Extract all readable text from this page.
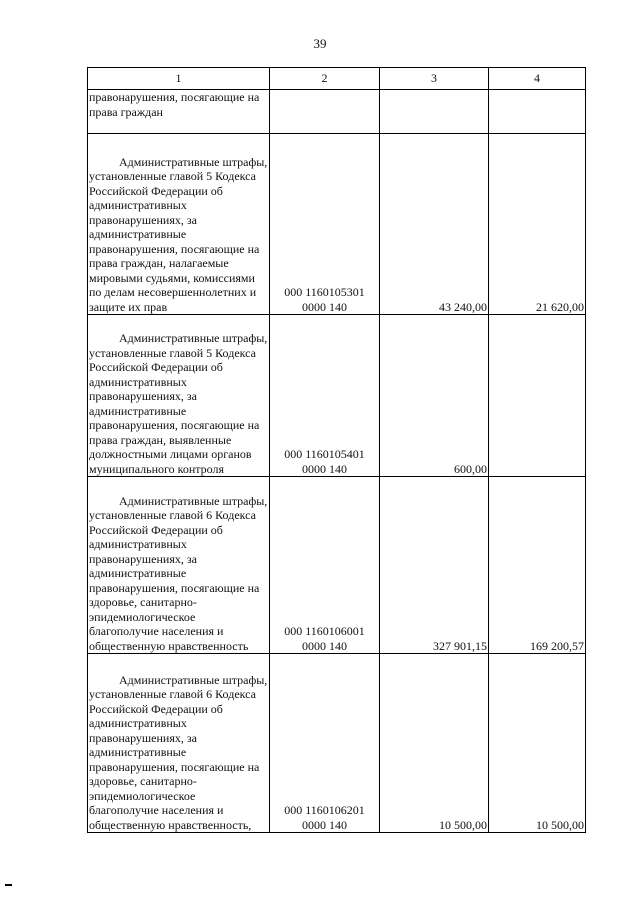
39
1	2	3	4
правонарушения, посягающие на права граждан	

Административные штрафы, установленные главой 5 Кодекса Российской Федерации об административных правонарушениях, за административные правонарушения, посягающие на права граждан, налагаемые мировыми судьями, комиссиями по делам несовершеннолетних и защите их прав	000 1160105301
0000 140	43 240,00	21 620,00

Административные штрафы, установленные главой 5 Кодекса Российской Федерации об административных правонарушениях, за административные правонарушения, посягающие на права граждан, выявленные должностными лицами органов муниципального контроля	000 1160105401
0000 140	600,00	

Административные штрафы, установленные главой 6 Кодекса Российской Федерации об административных правонарушениях, за административные правонарушения, посягающие на здоровье, санитарно-эпидемиологическое благополучие населения и общественную нравственность	000 1160106001
0000 140	327 901,15	169 200,57

Административные штрафы, установленные главой 6 Кодекса Российской Федерации об административных правонарушениях, за административные правонарушения, посягающие на здоровье, санитарно-эпидемиологическое благополучие населения и общественную нравственность,	000 1160106201
0000 140	10 500,00	10 500,00
